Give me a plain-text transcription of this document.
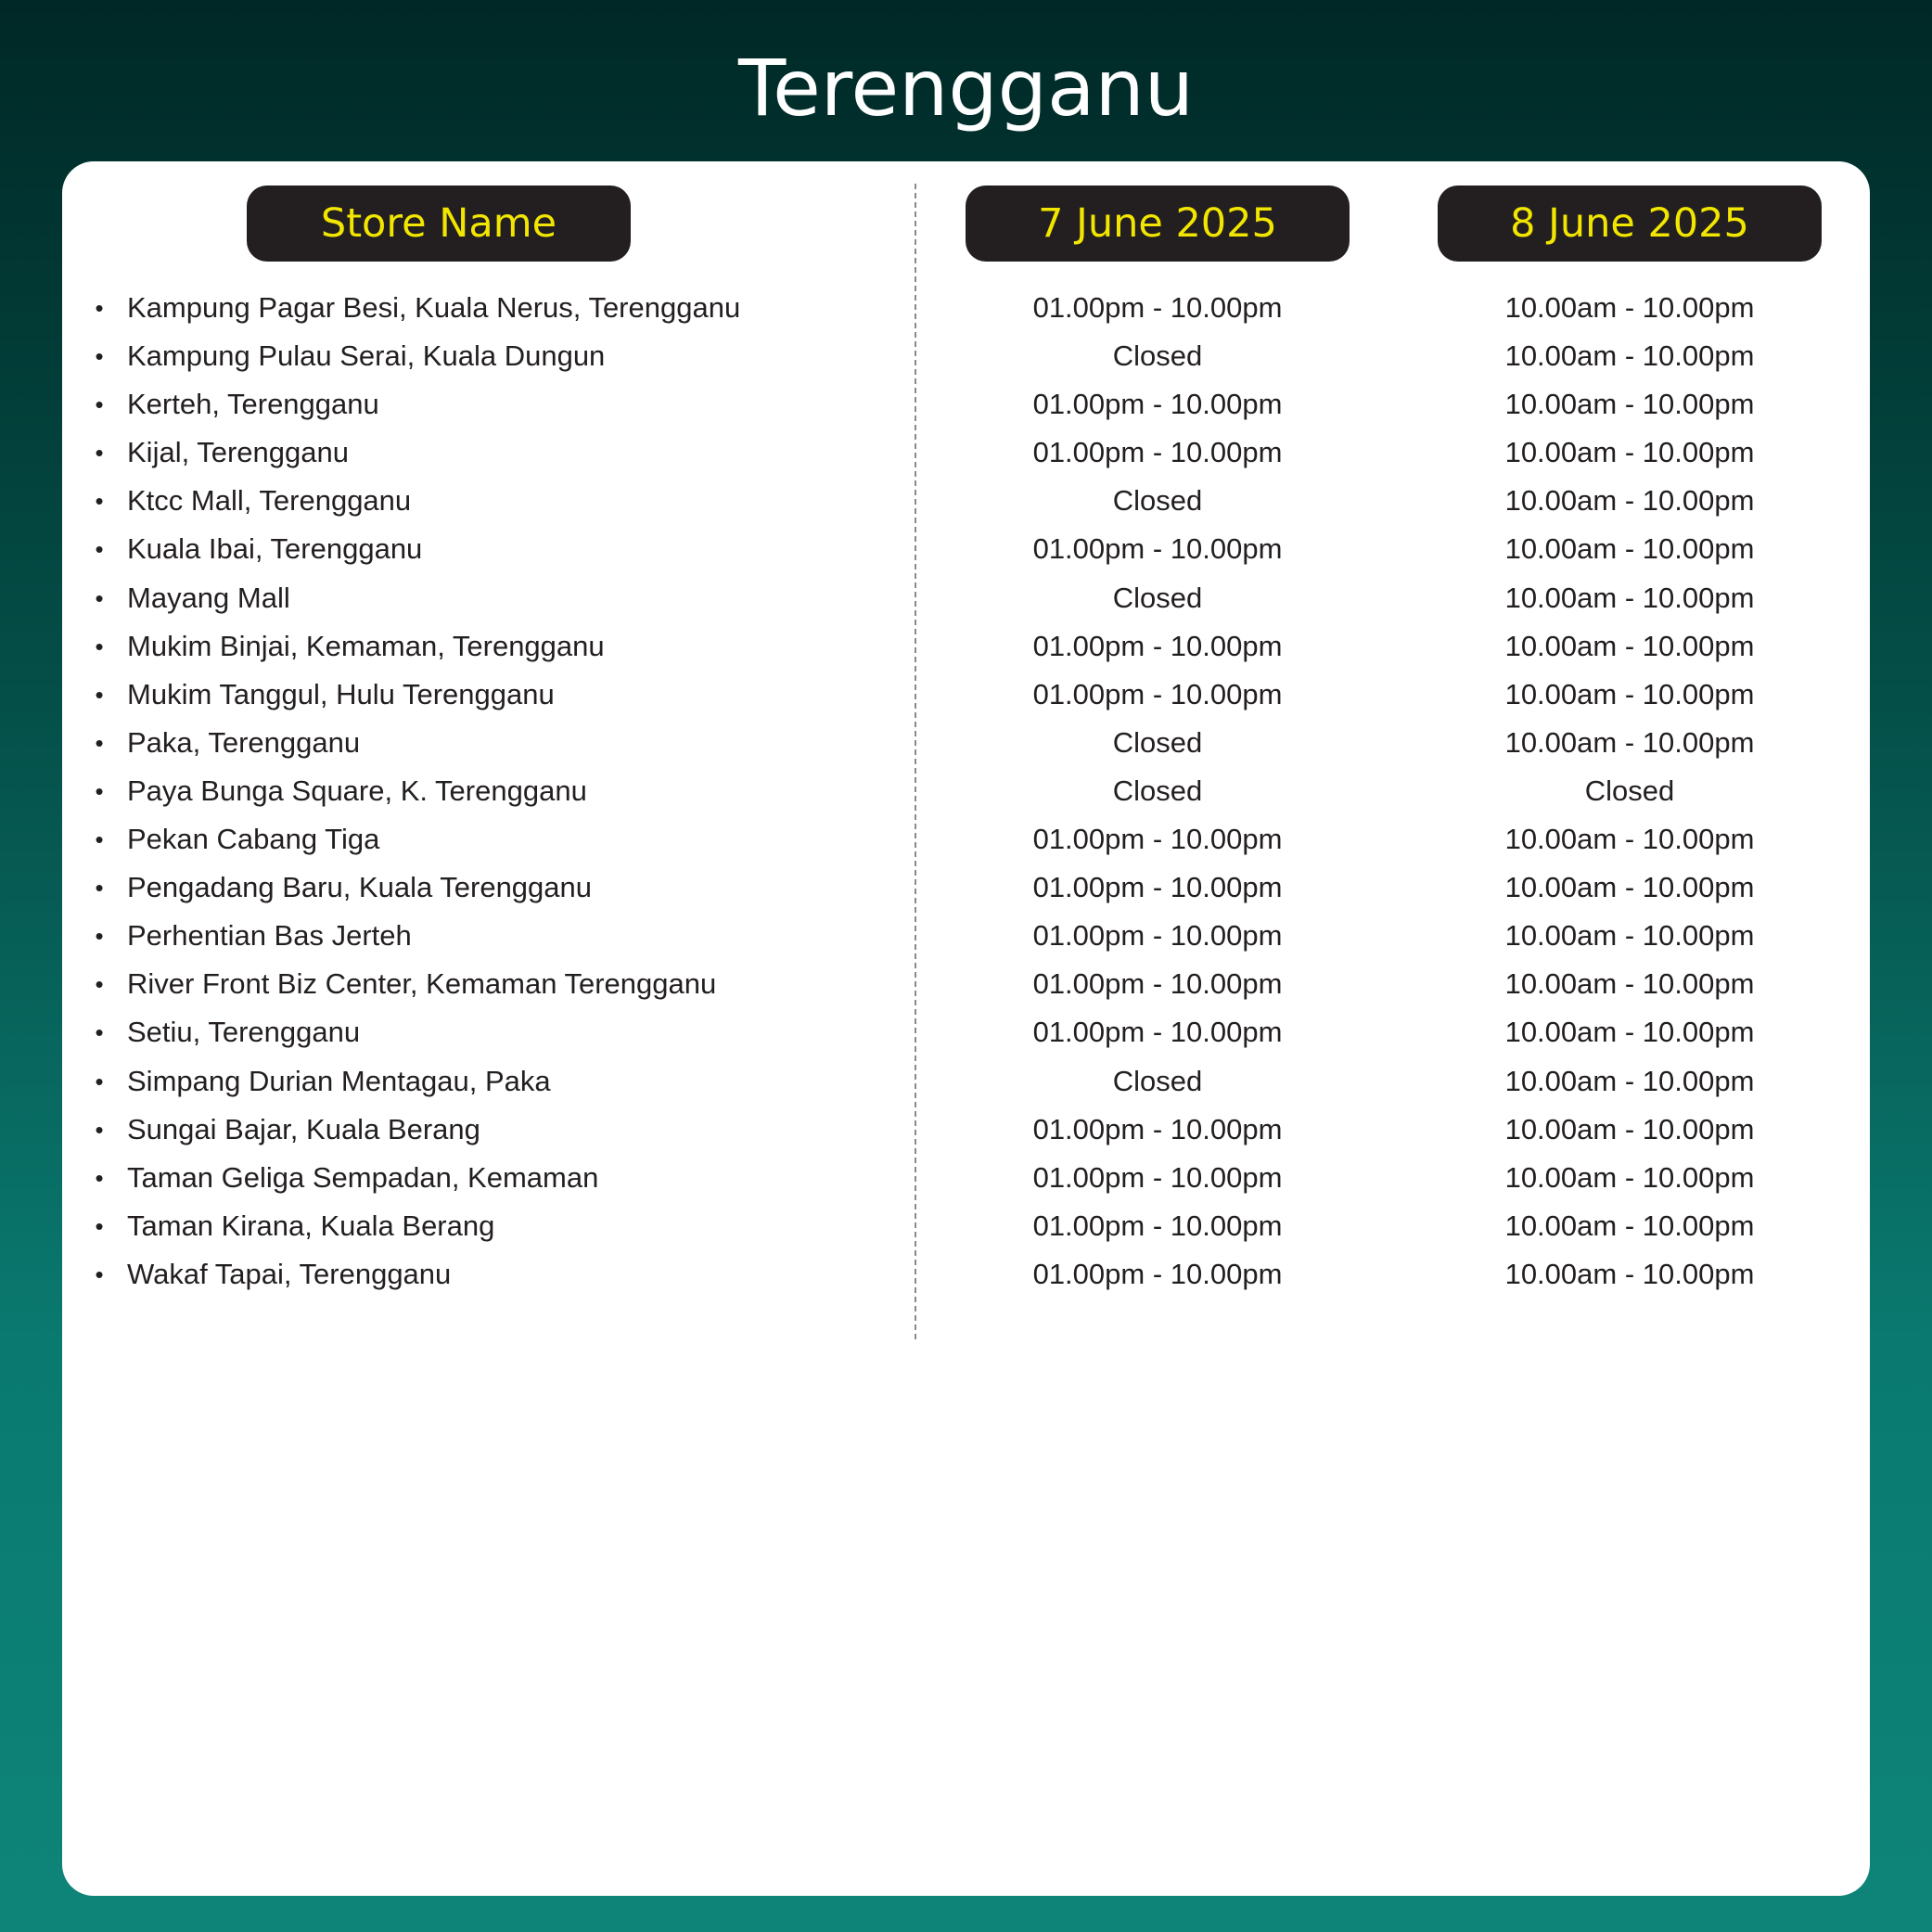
Terengganu
Store Name	7 June 2025	8 June 2025
• Kampung Pagar Besi, Kuala Nerus, Terengganu	01.00pm - 10.00pm	10.00am - 10.00pm
• Kampung Pulau Serai, Kuala Dungun	Closed	10.00am - 10.00pm
• Kerteh, Terengganu	01.00pm - 10.00pm	10.00am - 10.00pm
• Kijal, Terengganu	01.00pm - 10.00pm	10.00am - 10.00pm
• Ktcc Mall, Terengganu	Closed	10.00am - 10.00pm
• Kuala Ibai, Terengganu	01.00pm - 10.00pm	10.00am - 10.00pm
• Mayang Mall	Closed	10.00am - 10.00pm
• Mukim Binjai, Kemaman, Terengganu	01.00pm - 10.00pm	10.00am - 10.00pm
• Mukim Tanggul, Hulu Terengganu	01.00pm - 10.00pm	10.00am - 10.00pm
• Paka, Terengganu	Closed	10.00am - 10.00pm
• Paya Bunga Square, K. Terengganu	Closed	Closed
• Pekan Cabang Tiga	01.00pm - 10.00pm	10.00am - 10.00pm
• Pengadang Baru, Kuala Terengganu	01.00pm - 10.00pm	10.00am - 10.00pm
• Perhentian Bas Jerteh	01.00pm - 10.00pm	10.00am - 10.00pm
• River Front Biz Center, Kemaman Terengganu	01.00pm - 10.00pm	10.00am - 10.00pm
• Setiu, Terengganu	01.00pm - 10.00pm	10.00am - 10.00pm
• Simpang Durian Mentagau, Paka	Closed	10.00am - 10.00pm
• Sungai Bajar, Kuala Berang	01.00pm - 10.00pm	10.00am - 10.00pm
• Taman Geliga Sempadan, Kemaman	01.00pm - 10.00pm	10.00am - 10.00pm
• Taman Kirana, Kuala Berang	01.00pm - 10.00pm	10.00am - 10.00pm
• Wakaf Tapai, Terengganu	01.00pm - 10.00pm	10.00am - 10.00pm
